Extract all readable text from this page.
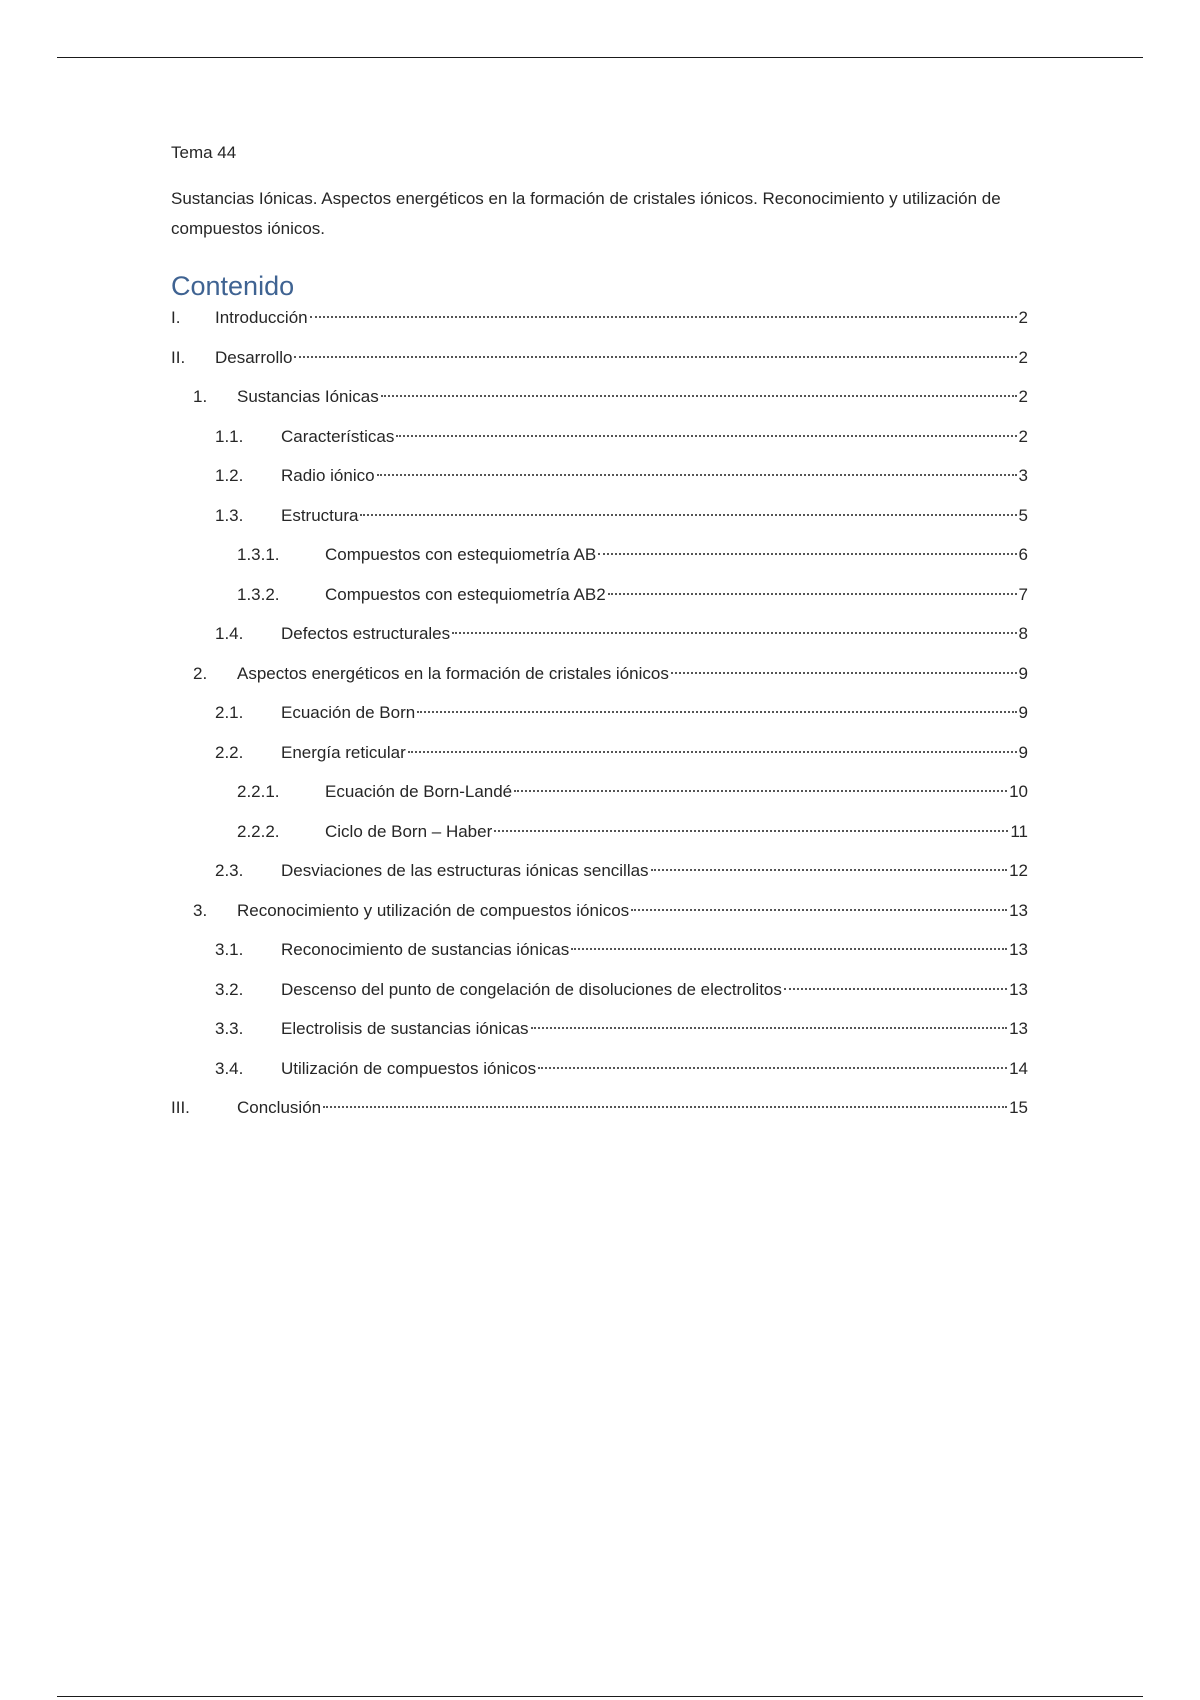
Tema 44

Sustancias Iónicas. Aspectos energéticos en la formación de cristales iónicos. Reconocimiento y utilización de compuestos iónicos.

Contenido
I.	Introducción	2
II.	Desarrollo	2
1.	Sustancias Iónicas	2
1.1.	Características	2
1.2.	Radio iónico	3
1.3.	Estructura	5
1.3.1.	Compuestos con estequiometría AB	6
1.3.2.	Compuestos con estequiometría AB2	7
1.4.	Defectos estructurales	8
2.	Aspectos energéticos en la formación de cristales iónicos	9
2.1.	Ecuación de Born	9
2.2.	Energía reticular	9
2.2.1.	Ecuación de Born-Landé	10
2.2.2.	Ciclo de Born – Haber	11
2.3.	Desviaciones de las estructuras iónicas sencillas	12
3.	Reconocimiento y utilización de compuestos iónicos	13
3.1.	Reconocimiento de sustancias iónicas	13
3.2.	Descenso del punto de congelación de disoluciones de electrolitos	13
3.3.	Electrolisis de sustancias iónicas	13
3.4.	Utilización de compuestos iónicos	14
III.	Conclusión	15
